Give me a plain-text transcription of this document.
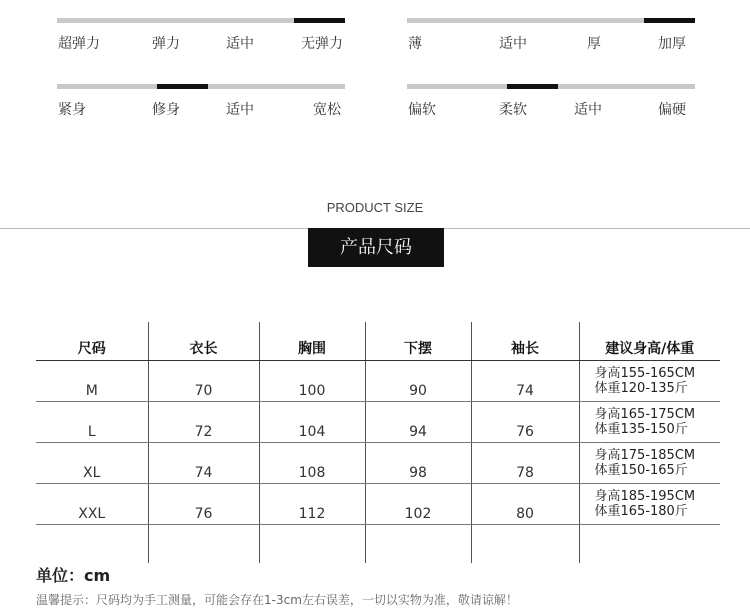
超弹力	弹力	适中	无弹力	薄	适中	厚	加厚
紧身	修身	适中	宽松	偏软	柔软	适中	偏硬
PRODUCT SIZE
产品尺码
尺码	衣长	胸围	下摆	袖长	建议身高/体重
M	70	100	90	74	身高155-165CM
体重120-135斤

L	72	104	94	76	身高165-175CM
体重135-150斤

XL	74	108	98	78	身高175-185CM
体重150-165斤

XXL	76	112	102	80	身高185-195CM
体重165-180斤

单位：cm
温馨提示：尺码均为手工测量，可能会存在1-3cm左右误差，一切以实物为准，敬请谅解！
